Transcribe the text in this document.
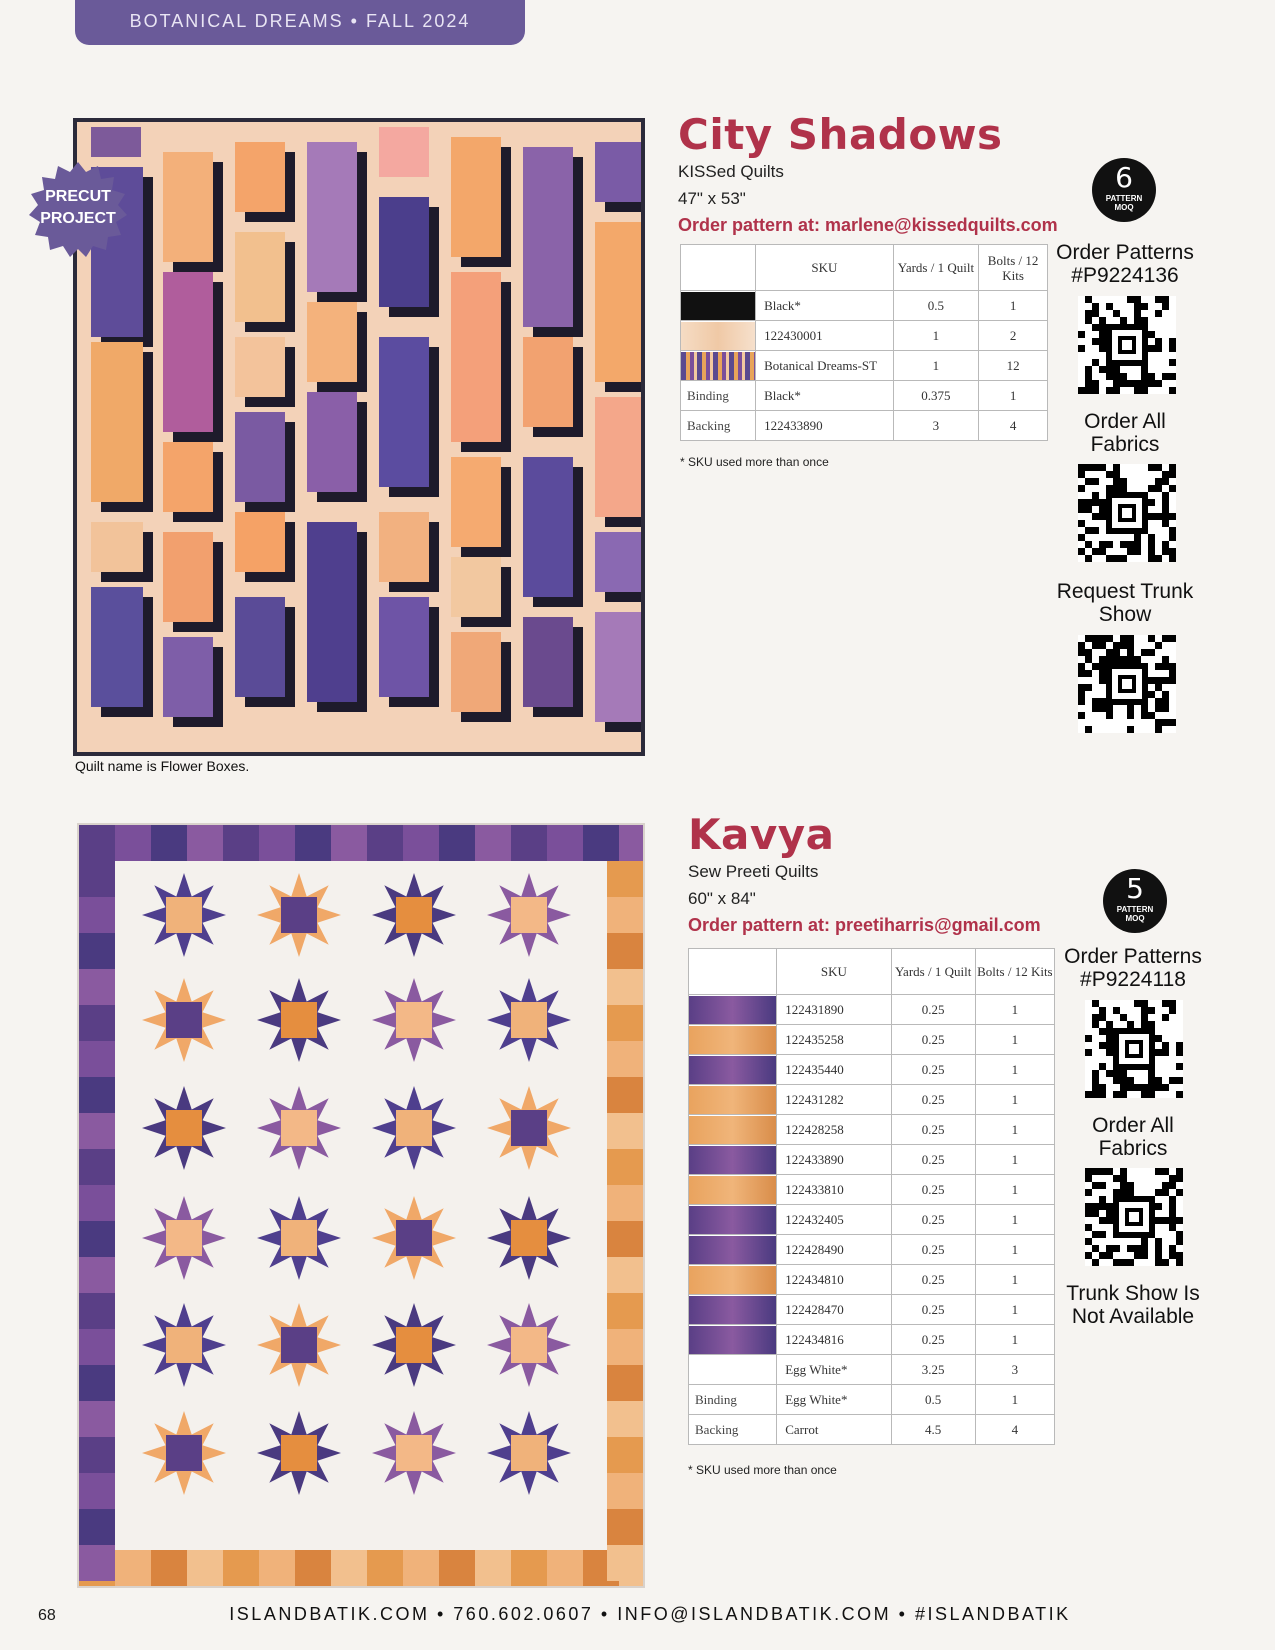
BOTANICAL DREAMS • FALL 2024
PRECUT
PROJECT
Quilt name is Flower Boxes.
City Shadows
KISSed Quilts
47" x 53"
Order pattern at: marlene@kissedquilts.com
	SKU	Yards / 1 Quilt	Bolts / 12 Kits

	Black*	0.5	1

	122430001	1	2

	Botanical Dreams-ST	1	12
Binding	Black*	0.375	1
Backing	122433890	3	4
* SKU used more than once
6
PATTERN
MOQ
Order Patterns
#P9224136
Order All
Fabrics
Request Trunk
Show
Kavya
Sew Preeti Quilts
60" x 84"
Order pattern at: preetiharris@gmail.com
	SKU	Yards / 1 Quilt	Bolts / 12 Kits

	122431890	0.25	1

	122435258	0.25	1

	122435440	0.25	1

	122431282	0.25	1

	122428258	0.25	1

	122433890	0.25	1

	122433810	0.25	1

	122432405	0.25	1

	122428490	0.25	1

	122434810	0.25	1

	122428470	0.25	1

	122434816	0.25	1
	Egg White*	3.25	3
Binding	Egg White*	0.5	1
Backing	Carrot	4.5	4
* SKU used more than once
5
PATTERN
MOQ
Order Patterns
#P9224118
Order All
Fabrics
Trunk Show Is
Not Available
68	ISLANDBATIK.COM • 760.602.0607 • INFO@ISLANDBATIK.COM • #ISLANDBATIK
